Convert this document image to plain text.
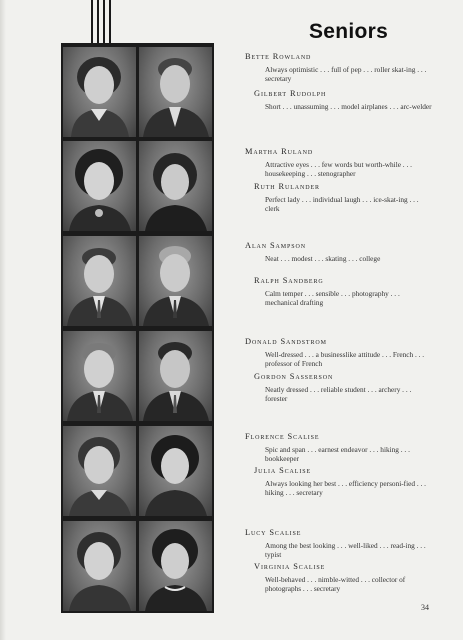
Seniors
Bette Rowland
Always optimistic . . . full of pep . . . roller skat-ing . . . secretary
Gilbert Rudolph
Short . . . unassuming . . . model airplanes . . . arc-welder
Martha Ruland
Attractive eyes . . . few words but worth-while . . . housekeeping . . . stenographer
Ruth Rulander
Perfect lady . . . individual laugh . . . ice-skat-ing . . . clerk
Alan Sampson
Neat . . . modest . . . skating . . . college
Ralph Sandberg
Calm temper . . . sensible . . . photography . . . mechanical drafting
Donald Sandstrom
Well-dressed . . . a businesslike attitude . . . French . . . professor of French
Gordon Sasserson
Neatly dressed . . . reliable student . . . archery . . . forester
Florence Scalise
Spic and span . . . earnest endeavor . . . hiking . . . bookkeeper
Julia Scalise
Always looking her best . . . efficiency personi-fied . . . hiking . . . secretary
Lucy Scalise
Among the best looking . . . well-liked . . . read-ing . . . typist
Virginia Scalise
Well-behaved . . . nimble-witted . . . collector of photographs . . . secretary
34
